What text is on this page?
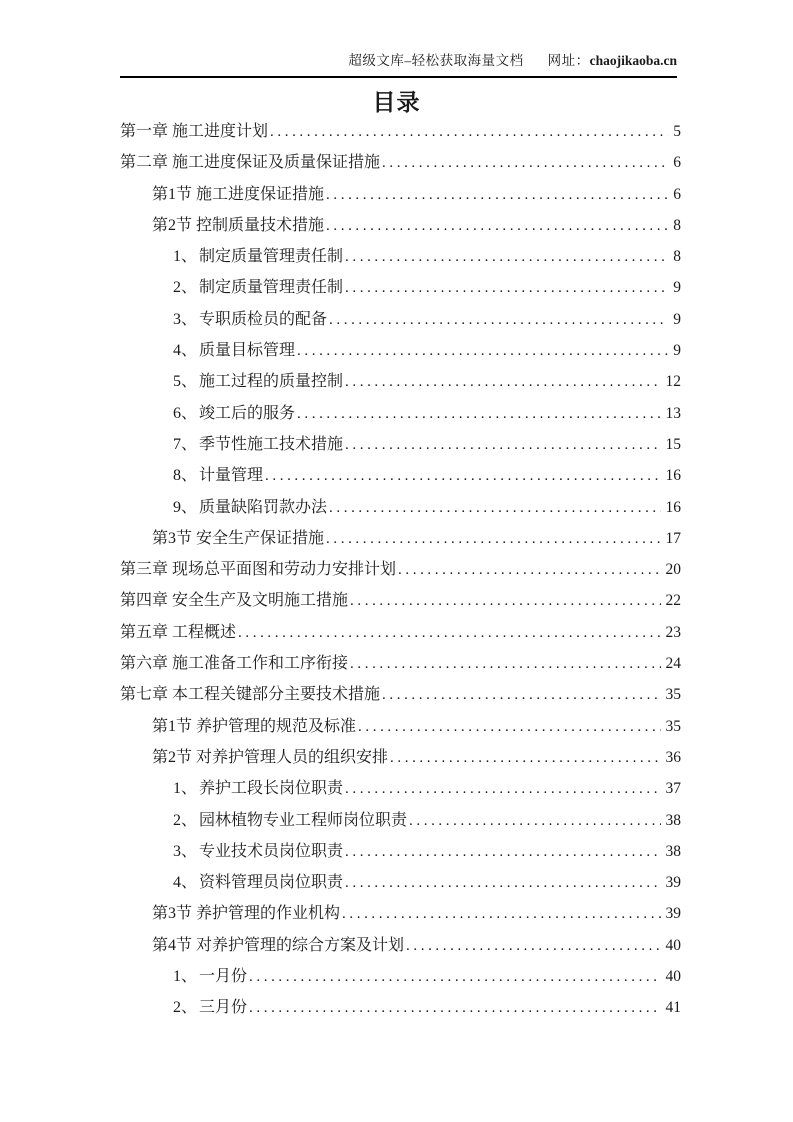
超级文库–轻松获取海量文档 网址：chaojikaoba.cn
目录
第一章 施工进度计划 .....	5
第二章 施工进度保证及质量保证措施 .....	6
第1节 施工进度保证措施 .....	6
第2节 控制质量技术措施 .....	8
1、 制定质量管理责任制 .....	8
2、 制定质量管理责任制 .....	9
3、 专职质检员的配备 .....	9
4、 质量目标管理 .....	9
5、 施工过程的质量控制 .....	12
6、 竣工后的服务 .....	13
7、 季节性施工技术措施 .....	15
8、 计量管理 .....	16
9、 质量缺陷罚款办法 .....	16
第3节 安全生产保证措施 .....	17
第三章 现场总平面图和劳动力安排计划 .....	20
第四章 安全生产及文明施工措施 .....	22
第五章 工程概述 .....	23
第六章 施工准备工作和工序衔接 .....	24
第七章 本工程关键部分主要技术措施 .....	35
第1节 养护管理的规范及标准 .....	35
第2节 对养护管理人员的组织安排 .....	36
1、 养护工段长岗位职责 .....	37
2、 园林植物专业工程师岗位职责 .....	38
3、 专业技术员岗位职责 .....	38
4、 资料管理员岗位职责 .....	39
第3节 养护管理的作业机构 .....	39
第4节 对养护管理的综合方案及计划 .....	40
1、 一月份 .....	40
2、 三月份 .....	41
